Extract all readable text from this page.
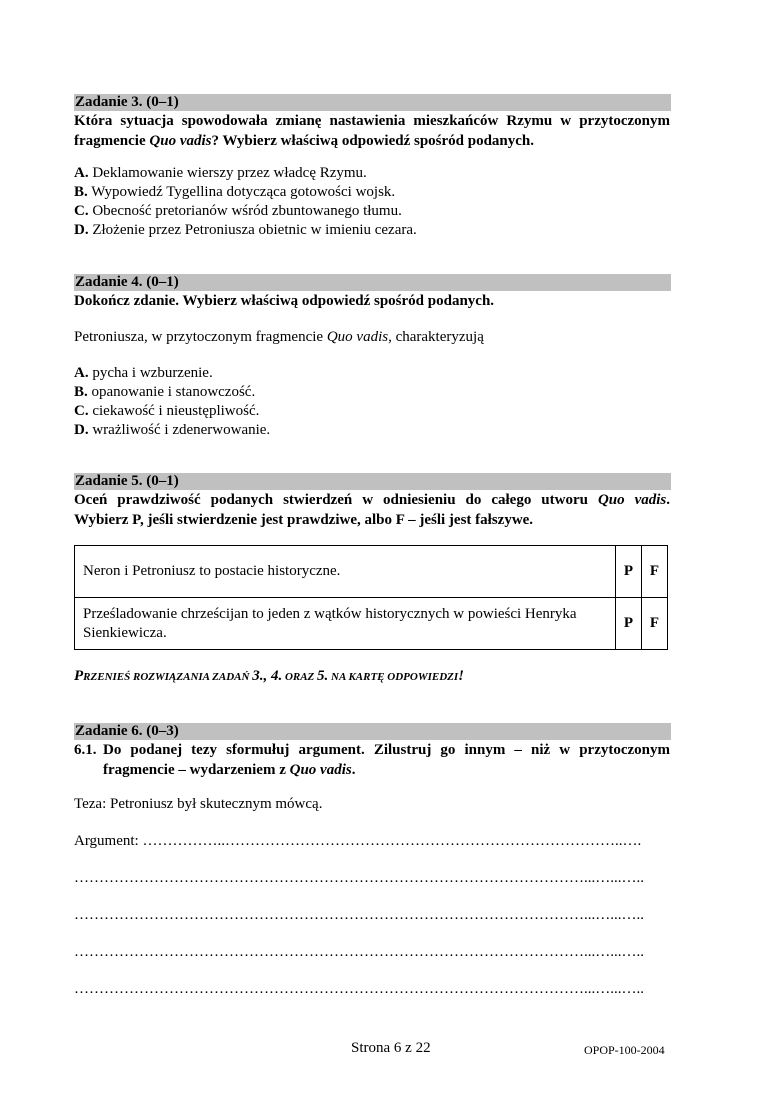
Zadanie 3. (0–1)
Która sytuacja spowodowała zmianę nastawienia mieszkańców Rzymu w przytoczonym fragmencie Quo vadis? Wybierz właściwą odpowiedź spośród podanych.
A. Deklamowanie wierszy przez władcę Rzymu.
B. Wypowiedź Tygellina dotycząca gotowości wojsk.
C. Obecność pretorianów wśród zbuntowanego tłumu.
D. Złożenie przez Petroniusza obietnic w imieniu cezara.
Zadanie 4. (0–1)
Dokończ zdanie. Wybierz właściwą odpowiedź spośród podanych.
Petroniusza, w przytoczonym fragmencie Quo vadis, charakteryzują
A. pycha i wzburzenie.
B. opanowanie i stanowczość.
C. ciekawość i nieustępliwość.
D. wrażliwość i zdenerwowanie.
Zadanie 5. (0–1)
Oceń prawdziwość podanych stwierdzeń w odniesieniu do całego utworu Quo vadis.
Wybierz P, jeśli stwierdzenie jest prawdziwe, albo F – jeśli jest fałszywe.
Neron i Petroniusz to postacie historyczne.	P	F
Prześladowanie chrześcijan to jeden z wątków historycznych w powieści Henryka Sienkiewicza.	P	F
PRZENIEŚ ROZWIĄZANIA ZADAŃ 3., 4. ORAZ 5. NA KARTĘ ODPOWIEDZI!
Zadanie 6. (0–3)
6.1. Do podanej tezy sformułuj argument. Zilustruj go innym – niż w przytoczonym
fragmencie – wydarzeniem z Quo vadis.
Teza: Petroniusz był skutecznym mówcą.
Argument: ……………..……………………………………………………………………..….
…………………………………………………………………………………………...…...…..
…………………………………………………………………………………………...…...…..
…………………………………………………………………………………………...…...…..
…………………………………………………………………………………………...…...…..
Strona 6 z 22	OPOP-100-2004
